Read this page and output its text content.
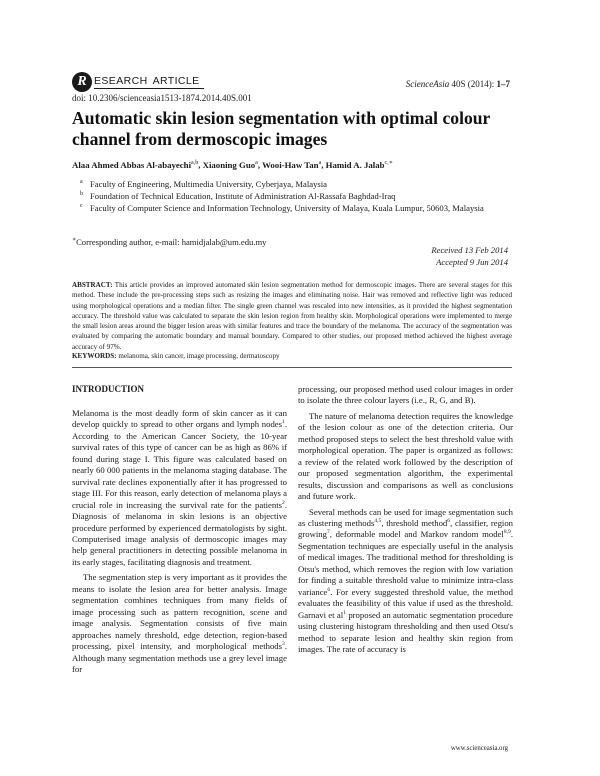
R ESEARCH ARTICLE	ScienceAsia 40S (2014): 1–7
doi: 10.2306/scienceasia1513-1874.2014.40S.001
Automatic skin lesion segmentation with optimal colour channel from dermoscopic images
Alaa Ahmed Abbas Al-abayechi$^{a,b}$, Xiaoning Guo$^a$, Wooi-Haw Tan$^a$, Hamid A. Jalab$^{c,∗}$
a Faculty of Engineering, Multimedia University, Cyberjaya, Malaysia
b Foundation of Technical Education, Institute of Administration Al-Rassafa Baghdad-Iraq
c Faculty of Computer Science and Information Technology, University of Malaya, Kuala Lumpur, 50603, Malaysia
∗Corresponding author, e-mail: hamidjalab@um.edu.my
Received 13 Feb 2014
Accepted 9 Jun 2014
ABSTRACT: This article provides an improved automated skin lesion segmentation method for dermoscopic images. There are several stages for this method. These include the pre-processing steps such as resizing the images and eliminating noise. Hair was removed and reflective light was reduced using morphological operations and a median filter. The single green channel was rescaled into new intensities, as it provided the highest segmentation accuracy. The threshold value was calculated to separate the skin lesion region from healthy skin. Morphological operations were implemented to merge the small lesion areas around the bigger lesion areas with similar features and trace the boundary of the melanoma. The accuracy of the segmentation was evaluated by comparing the automatic boundary and manual boundary. Compared to other studies, our proposed method achieved the highest average accuracy of 97%.
KEYWORDS: melanoma, skin cancer, image processing, dermatoscopy
INTRODUCTION

Melanoma is the most deadly form of skin cancer as it can develop quickly to spread to other organs and lymph nodes$^1$. According to the American Cancer Society, the 10-year survival rates of this type of cancer can be as high as 86% if found during stage I. This figure was calculated based on nearly 60 000 patients in the melanoma staging database. The survival rate declines exponentially after it has progressed to stage III. For this reason, early detection of melanoma plays a crucial role in increasing the survival rate for the patients$^2$. Diagnosis of melanoma in skin lesions is an objective procedure performed by experienced dermatologists by sight. Computerised image analysis of dermoscopic images may help general practitioners in detecting possible melanoma in its early stages, facilitating diagnosis and treatment.

The segmentation step is very important as it provides the means to isolate the lesion area for better analysis. Image segmentation combines techniques from many fields of image processing such as pattern recognition, scene and image analysis. Segmentation consists of five main approaches namely threshold, edge detection, region-based processing, pixel intensity, and morphological methods$^3$. Although many segmentation methods use a grey level image for

processing, our proposed method used colour images in order to isolate the three colour layers (i.e., R, G, and B).

The nature of melanoma detection requires the knowledge of the lesion colour as one of the detection criteria. Our method proposed steps to select the best threshold value with morphological operation. The paper is organized as follows: a review of the related work followed by the description of our proposed segmentation algorithm, the experimental results, discussion and comparisons as well as conclusions and future work.

Several methods can be used for image segmentation such as clustering methods$^{4,5}$, threshold method$^6$, classifier, region growing$^7$, deformable model and Markov random model$^{8,9}$. Segmentation techniques are especially useful in the analysis of medical images. The traditional method for thresholding is Otsu's method, which removes the region with low variation for finding a suitable threshold value to minimize intra-class variance$^6$. For every suggested threshold value, the method evaluates the feasibility of this value if used as the threshold. Garnavi et $al^1$ proposed an automatic segmentation procedure using clustering histogram thresholding and then used Otsu's method to separate lesion and healthy skin region from images. The rate of accuracy is

www.scienceasia.org
